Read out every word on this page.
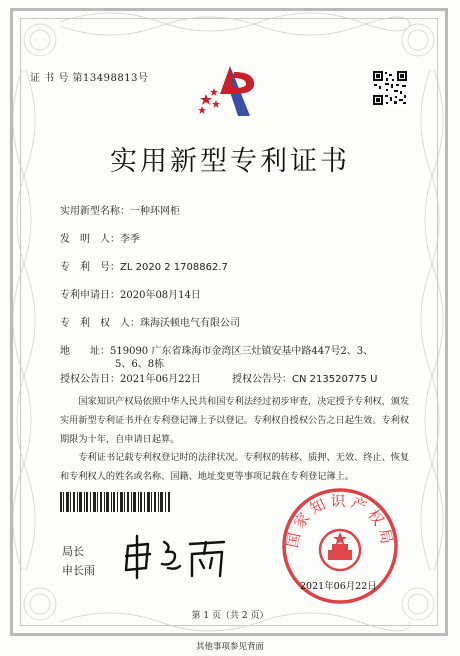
证 书 号 第13498813号
实用新型专利证书
实用新型名称：一种环网柜
发　明　人：李季
专　利　号：ZL 2020 2 1708862.7
专利申请日：2020年08月14日
专　利　权　人：珠海沃顿电气有限公司
地　　址：519090 广东省珠海市金湾区三灶镇安基中路447号2、3、
5、6、8栋
授权公告日：2021年06月22日	授权公告号：CN 213520775 U
国家知识产权局依照中华人民共和国专利法经过初步审查，决定授予专利权，颁发实用新型专利证书并在专利登记簿上予以登记。专利权自授权公告之日起生效。专利权期限为十年，自申请日起算。
专利证书记载专利权登记时的法律状况。专利权的转移、质押、无效、终止、恢复和专利权人的姓名或名称、国籍、地址变更等事项记载在专利登记簿上。
局长
申长雨
国家知识产权局
2021年06月22日
第 1 页（共 2 页）
其他事项参见背面
